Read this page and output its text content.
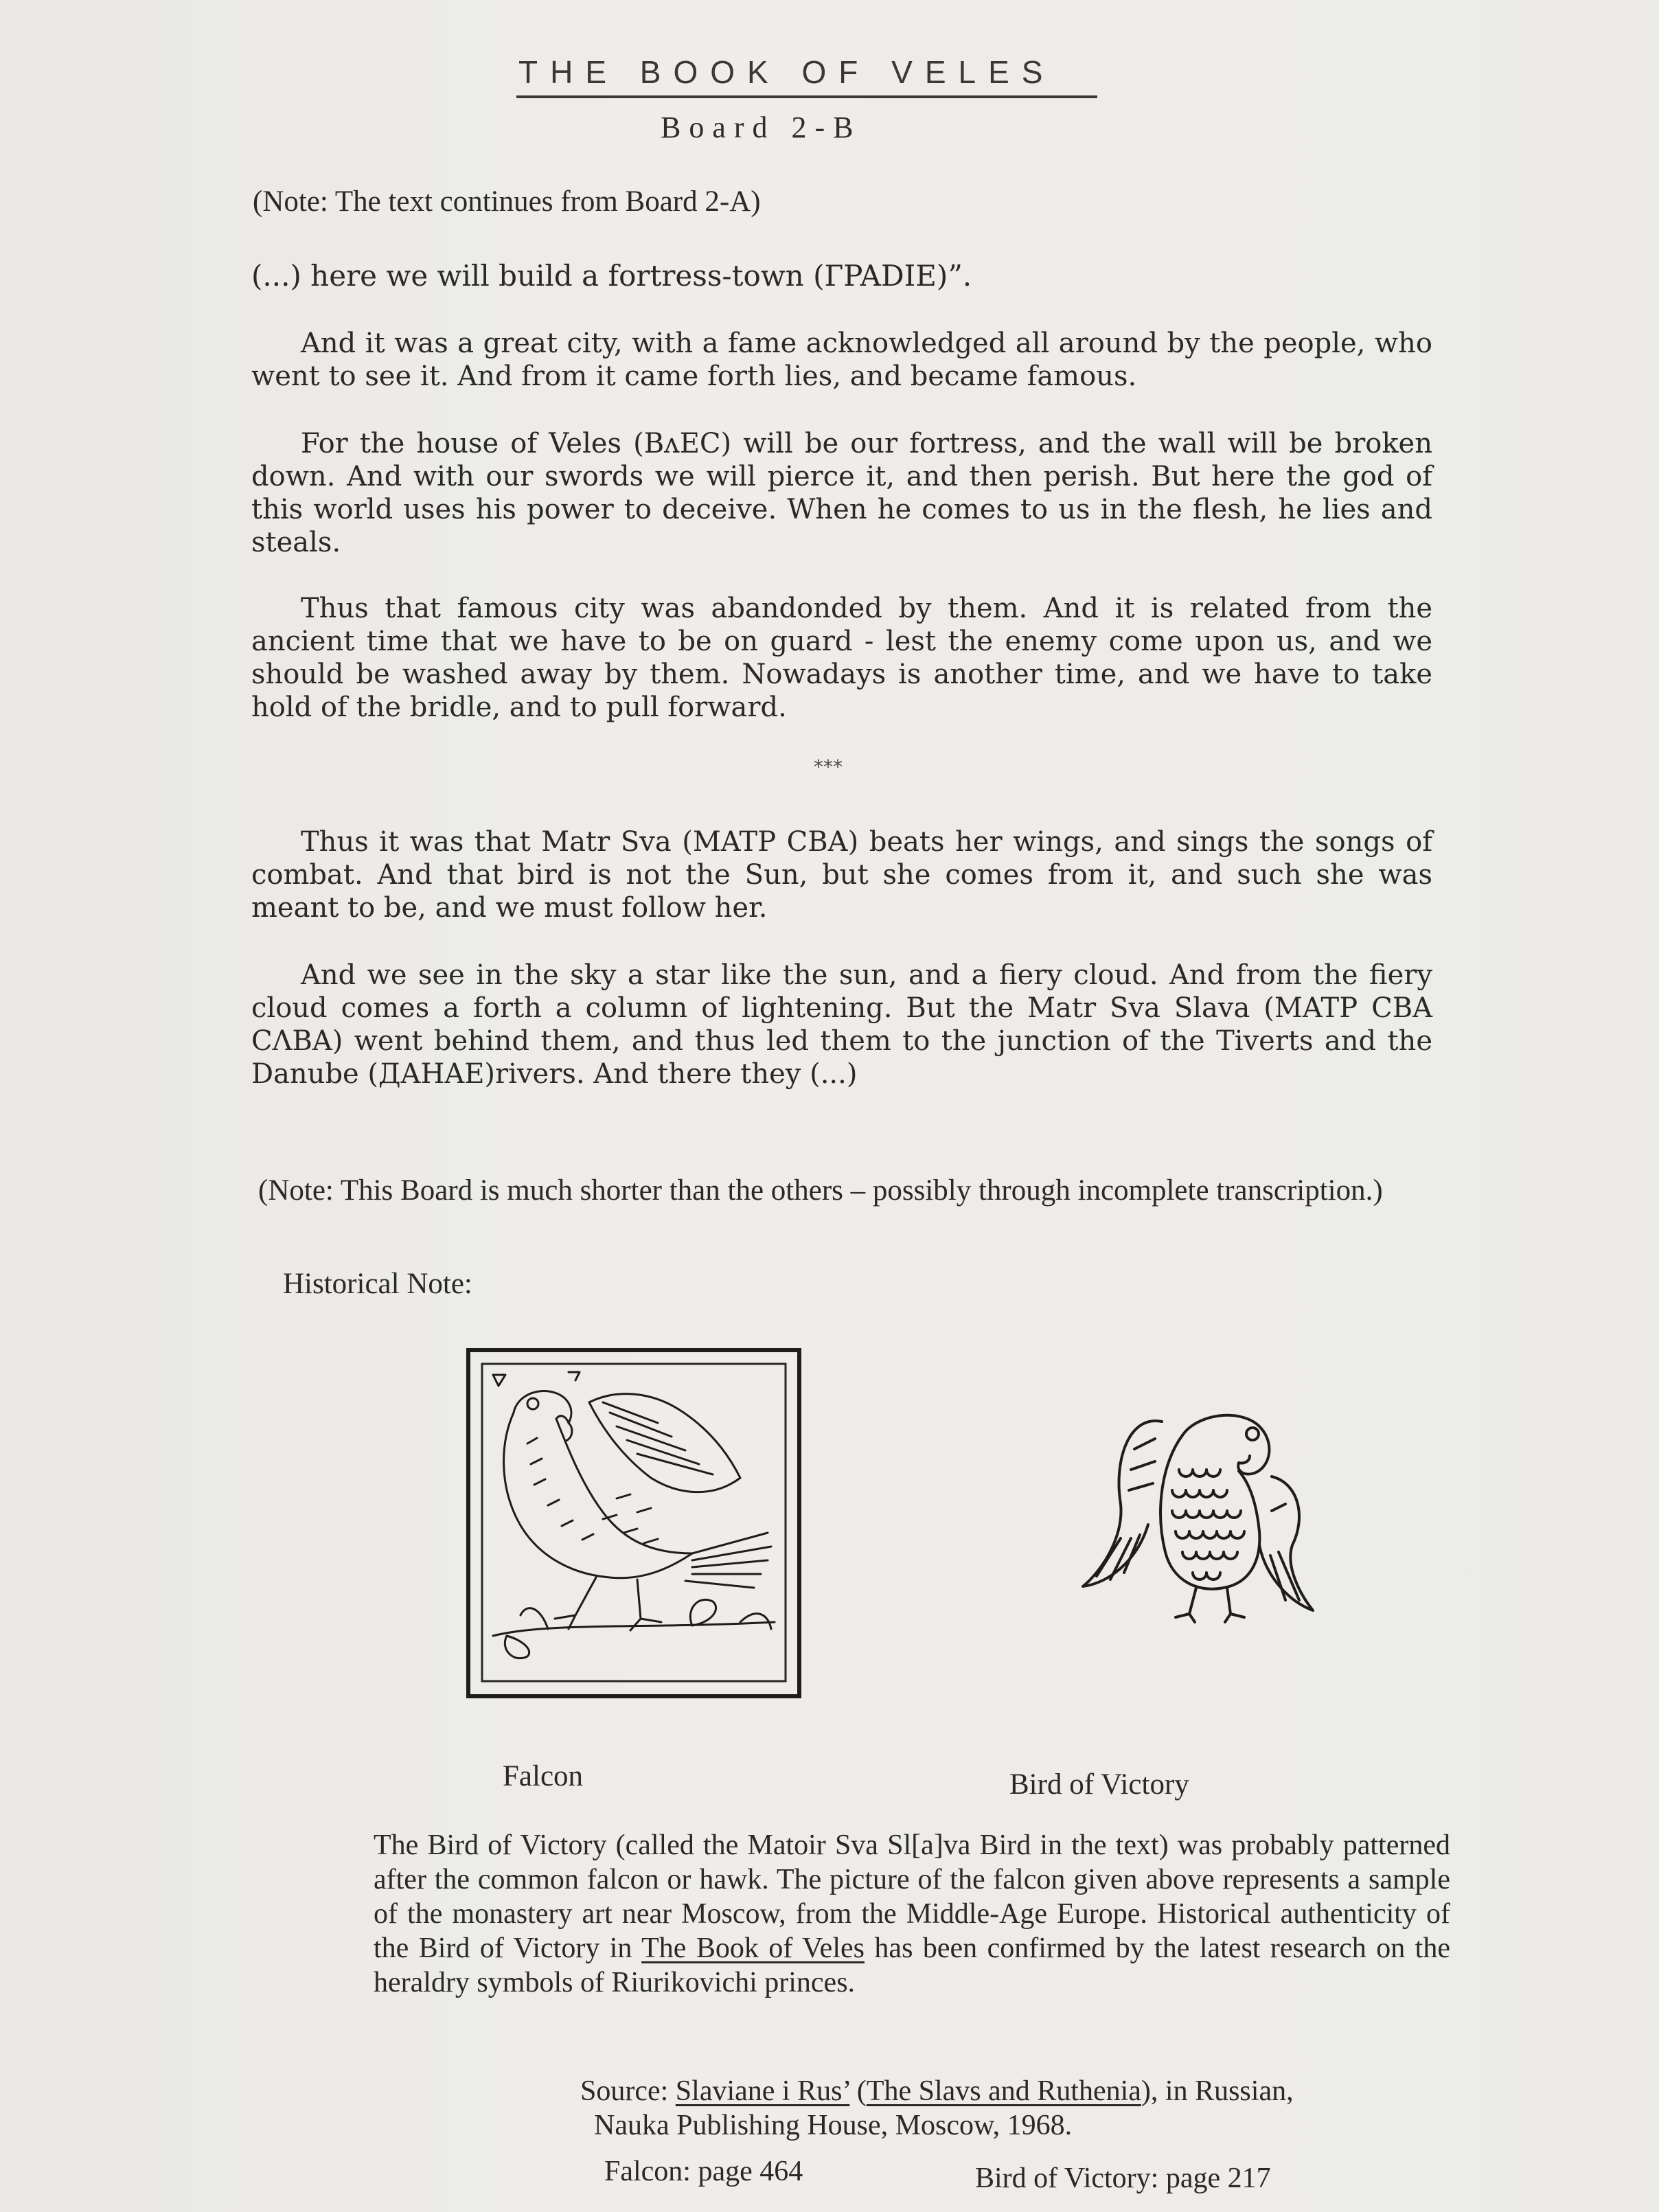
THE BOOK OF VELES
Board 2-B
(Note: The text continues from Board 2-A)
(...) here we will build a fortress-town (ГPADIE)”.
And it was a great city, with a fame acknowledged all around by the people, who went to see it. And from it came forth lies, and became famous.
For the house of Veles (BʌEC) will be our fortress, and the wall will be broken down. And with our swords we will pierce it, and then perish. But here the god of this world uses his power to deceive. When he comes to us in the flesh, he lies and steals.
Thus that famous city was abandonded by them. And it is related from the ancient time that we have to be on guard - lest the enemy come upon us, and we should be washed away by them. Nowadays is another time, and we have to take hold of the bridle, and to pull forward.
***
Thus it was that Matr Sva (MATP CBA) beats her wings, and sings the songs of combat. And that bird is not the Sun, but she comes from it, and such she was meant to be, and we must follow her.
And we see in the sky a star like the sun, and a fiery cloud. And from the fiery cloud comes a forth a column of lightening. But the Matr Sva Slava (MATP CBA CɅBA) went behind them, and thus led them to the junction of the Tiverts and the Danube (ДAHAE)rivers. And there they (...)
(Note: This Board is much shorter than the others – possibly through incomplete transcription.)
Historical Note:
Falcon	Bird of Victory
The Bird of Victory (called the Matoir Sva Sl[a]va Bird in the text) was probably patterned after the common falcon or hawk. The picture of the falcon given above represents a sample of the monastery art near Moscow, from the Middle-Age Europe. Historical authenticity of the Bird of Victory in The Book of Veles has been confirmed by the latest research on the heraldry symbols of Riurikovichi princes.
Source: Slaviane i Rus’ (The Slavs and Ruthenia), in Russian,
Nauka Publishing House, Moscow, 1968.
Falcon: page 464	Bird of Victory: page 217
